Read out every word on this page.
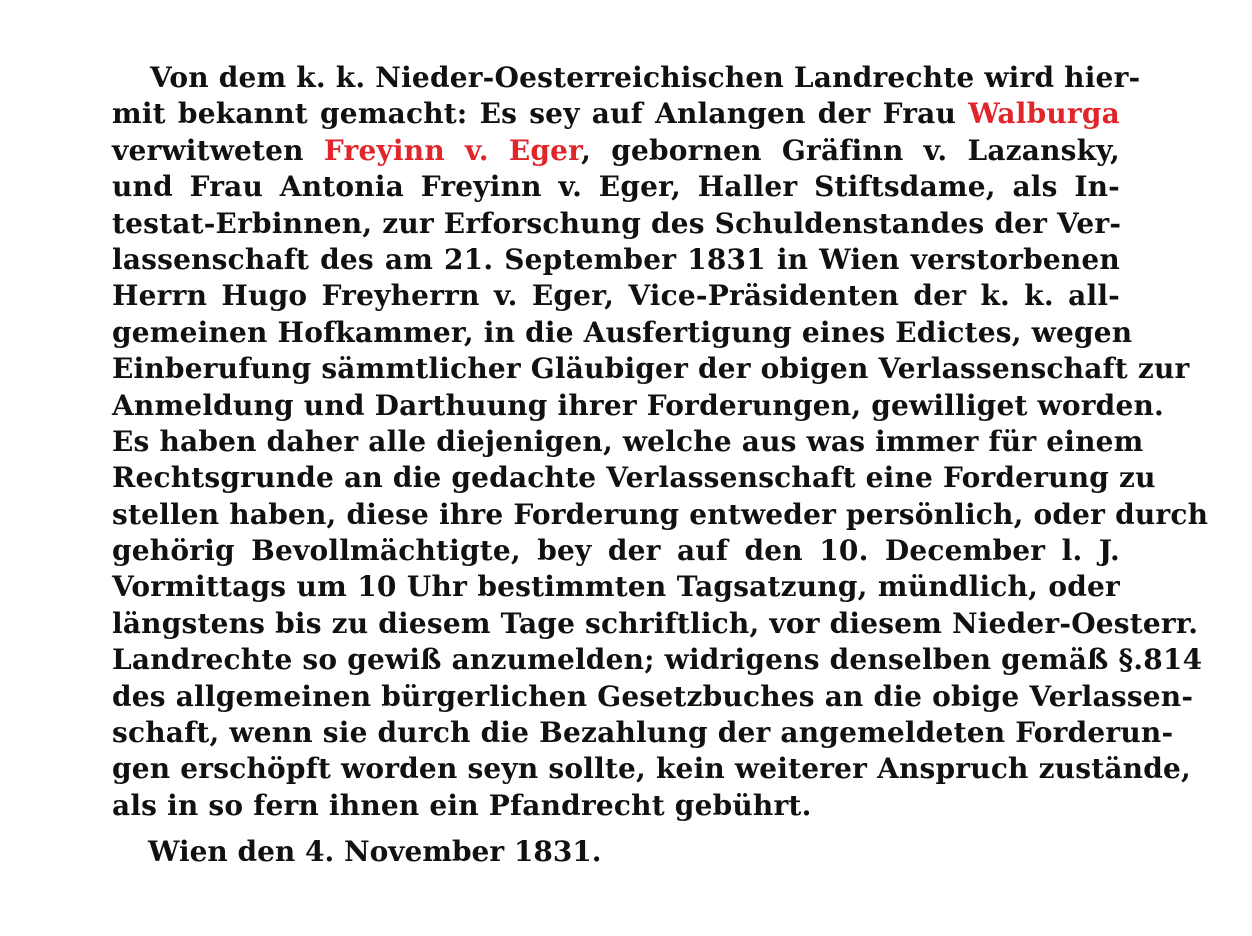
Von dem k. k. Nieder-Oesterreichischen Landrechte wird hier-
mit bekannt gemacht: Es sey auf Anlangen der Frau Walburga
verwitweten Freyinn v. Eger, gebornen Gräfinn v. Lazansky,
und Frau Antonia Freyinn v. Eger, Haller Stiftsdame, als In-
testat-Erbinnen, zur Erforschung des Schuldenstandes der Ver-
lassenschaft des am 21. September 1831 in Wien verstorbenen
Herrn Hugo Freyherrn v. Eger, Vice-Präsidenten der k. k. all-
gemeinen Hofkammer, in die Ausfertigung eines Edictes, wegen
Einberufung sämmtlicher Gläubiger der obigen Verlassenschaft zur
Anmeldung und Darthuung ihrer Forderungen, gewilliget worden.
Es haben daher alle diejenigen, welche aus was immer für einem
Rechtsgrunde an die gedachte Verlassenschaft eine Forderung zu
stellen haben, diese ihre Forderung entweder persönlich, oder durch
gehörig Bevollmächtigte, bey der auf den 10. December l. J.
Vormittags um 10 Uhr bestimmten Tagsatzung, mündlich, oder
längstens bis zu diesem Tage schriftlich, vor diesem Nieder-Oesterr.
Landrechte so gewiß anzumelden; widrigens denselben gemäß §.814
des allgemeinen bürgerlichen Gesetzbuches an die obige Verlassen-
schaft, wenn sie durch die Bezahlung der angemeldeten Forderun-
gen erschöpft worden seyn sollte, kein weiterer Anspruch zustände,
als in so fern ihnen ein Pfandrecht gebührt.
Wien den 4. November 1831.
